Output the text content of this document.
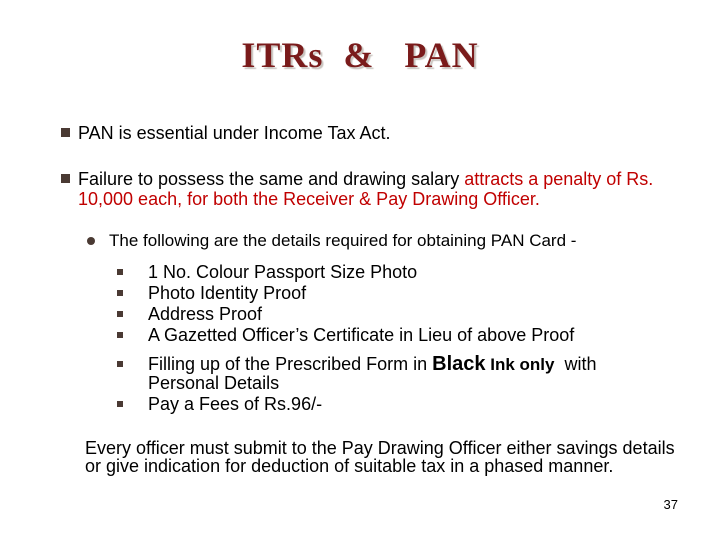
ITRs  &   PAN
PAN is essential under Income Tax Act.
Failure to possess the same and drawing salary attracts a penalty of Rs.
10,000 each, for both the Receiver & Pay Drawing Officer.
The following are the details required for obtaining PAN Card -
1 No. Colour Passport Size Photo
Photo Identity Proof
Address Proof
A Gazetted Officer’s Certificate in Lieu of above Proof
Filling up of the Prescribed Form in Black Ink only  with
Personal Details
Pay a Fees of Rs.96/-
Every officer must submit to the Pay Drawing Officer either savings details
or give indication for deduction of suitable tax in a phased manner.
37
